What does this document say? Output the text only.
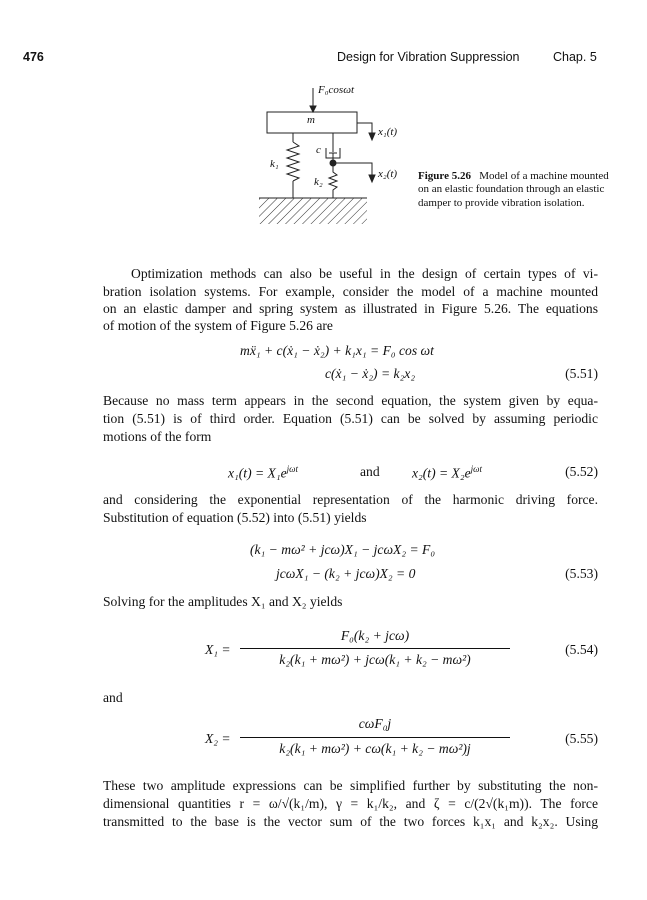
476	Design for Vibration Suppression	Chap. 5
F₀cosωt
m
c
k₁
k₂
x₁(t)
x₂(t) Figure 5.26 Model of a machine mounted on an elastic foundation through an elastic damper to provide vibration isolation.
Optimization methods can also be useful in the design of certain types of vi-
bration isolation systems. For example, consider the model of a machine mounted
on an elastic damper and spring system as illustrated in Figure 5.26. The equations
of motion of the system of Figure 5.26 are
mẍ₁ + c(ẋ₁ − ẋ₂) + k₁x₁ = F₀ cos ωt
c(ẋ₁ − ẋ₂) = k₂x₂	(5.51)
Because no mass term appears in the second equation, the system given by equa-
tion (5.51) is of third order. Equation (5.51) can be solved by assuming periodic
motions of the form
$x_1(t) = X_1e^{j\omega t}$	and $x_2(t) = X_2e^{j\omega t}$	(5.52)
and considering the exponential representation of the harmonic driving force.
Substitution of equation (5.52) into (5.51) yields
(k₁ − mω² + jcω)X₁ − jcωX₂ = F₀
jcωX₁ − (k₂ + jcω)X₂ = 0	(5.53)
Solving for the amplitudes X₁ and X₂ yields
X₁ =
F₀(k₂ + jcω)
k₂(k₁ + mω²) + jcω(k₁ + k₂ − mω²)
(5.54)
and
X₂ =
cωF₀j
k₂(k₁ + mω²) + cω(k₁ + k₂ − mω²)j
(5.55)
These two amplitude expressions can be simplified further by substituting the non-
dimensional quantities r = ω/√(k₁/m), γ = k₁/k₂, and ζ = c/(2√(k₁m)). The force
transmitted to the base is the vector sum of the two forces k₁x₁ and k₂x₂. Using
